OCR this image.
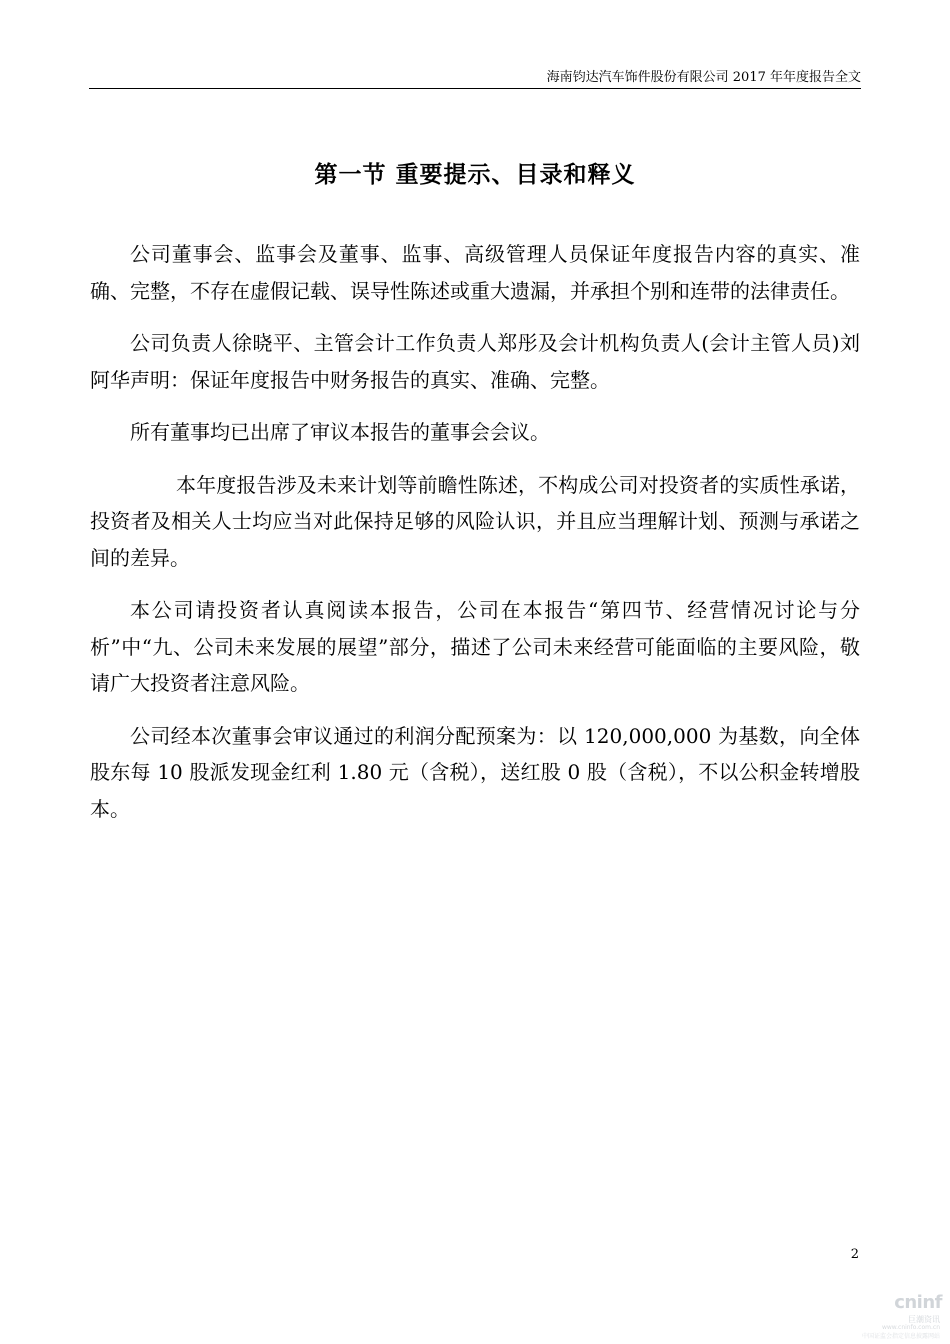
海南钧达汽车饰件股份有限公司 2017 年年度报告全文
第一节 重要提示、目录和释义

公司董事会、监事会及董事、监事、高级管理人员保证年度报告内容的真实、准确、完整，不存在虚假记载、误导性陈述或重大遗漏，并承担个别和连带的法律责任。

公司负责人徐晓平、主管会计工作负责人郑彤及会计机构负责人(会计主管人员)刘阿华声明：保证年度报告中财务报告的真实、准确、完整。

所有董事均已出席了审议本报告的董事会会议。

本年度报告涉及未来计划等前瞻性陈述，不构成公司对投资者的实质性承诺，投资者及相关人士均应当对此保持足够的风险认识，并且应当理解计划、预测与承诺之间的差异。

本公司请投资者认真阅读本报告，公司在本报告“第四节、经营情况讨论与分析”中“九、公司未来发展的展望”部分，描述了公司未来经营可能面临的主要风险，敬请广大投资者注意风险。

公司经本次董事会审议通过的利润分配预案为：以 120,000,000 为基数，向全体股东每 10 股派发现金红利 1.80 元（含税），送红股 0 股（含税），不以公积金转增股本。

2
cninf
巨潮资讯
www.cninfo.com.cn
中国证监会指定信息披露网站
